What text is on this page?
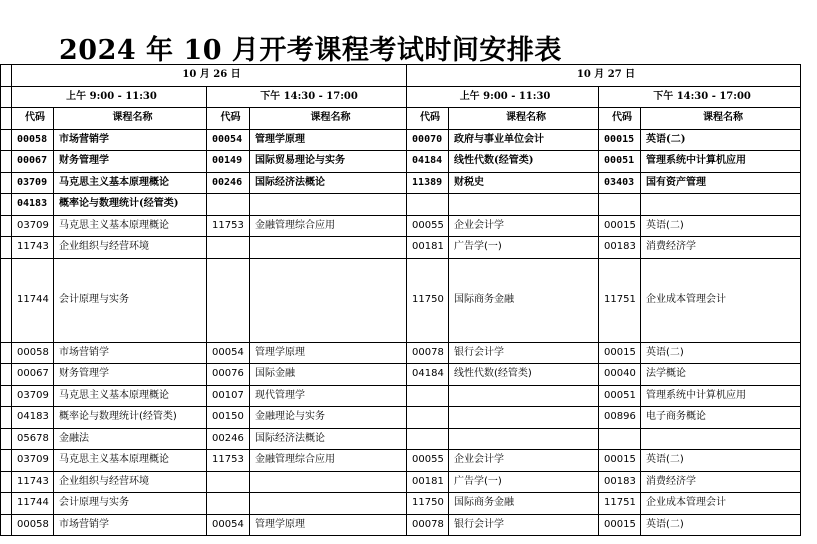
2024 年 10 月开考课程考试时间安排表
	10 月 26 日				10 月 27 日			
	上午 9:00 - 11:30		下午 14:30 - 17:00		上午 9:00 - 11:30		下午 14:30 - 17:00	
	代码	课程名称	代码	课程名称	代码	课程名称	代码	课程名称
	00058	市场营销学	00054	管理学原理	00070	政府与事业单位会计	00015	英语(二)
	00067	财务管理学	00149	国际贸易理论与实务	04184	线性代数(经管类)	00051	管理系统中计算机应用
	03709	马克思主义基本原理概论	00246	国际经济法概论	11389	财税史	03403	国有资产管理
	04183	概率论与数理统计(经管类)						
	03709	马克思主义基本原理概论	11753	金融管理综合应用	00055	企业会计学	00015	英语(二)
	11743	企业组织与经营环境			00181	广告学(一)	00183	消费经济学
	11744	会计原理与实务			11750	国际商务金融	11751	企业成本管理会计
	00058	市场营销学	00054	管理学原理	00078	银行会计学	00015	英语(二)
	00067	财务管理学	00076	国际金融	04184	线性代数(经管类)	00040	法学概论
	03709	马克思主义基本原理概论	00107	现代管理学			00051	管理系统中计算机应用
	04183	概率论与数理统计(经管类)	00150	金融理论与实务			00896	电子商务概论
	05678	金融法	00246	国际经济法概论				
	03709	马克思主义基本原理概论	11753	金融管理综合应用	00055	企业会计学	00015	英语(二)
	11743	企业组织与经营环境			00181	广告学(一)	00183	消费经济学
	11744	会计原理与实务			11750	国际商务金融	11751	企业成本管理会计
	00058	市场营销学	00054	管理学原理	00078	银行会计学	00015	英语(二)
